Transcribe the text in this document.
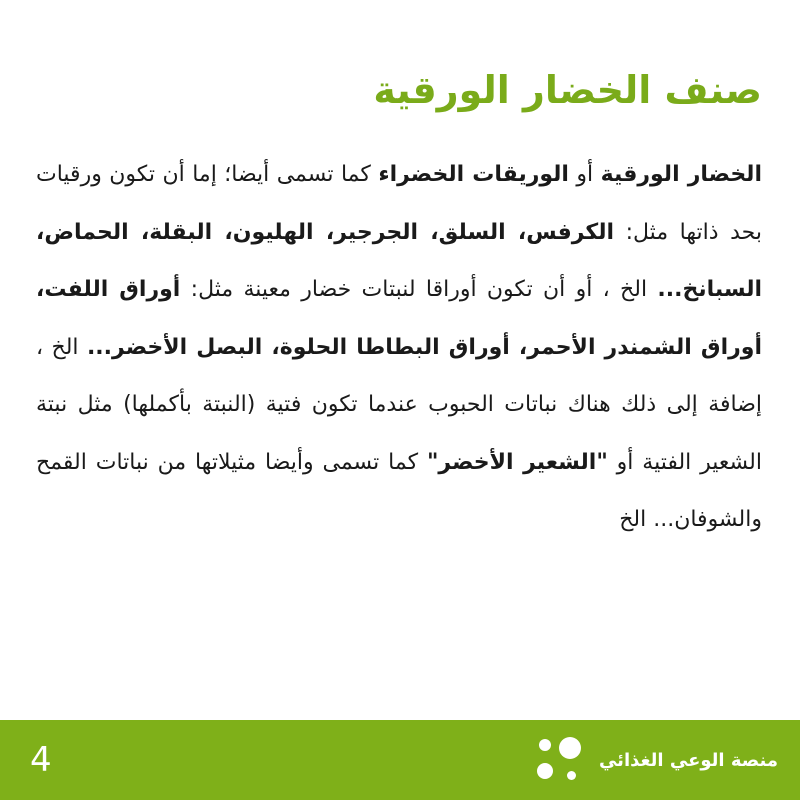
صنف الخضار الورقية

الخضار الورقية أو الوريقات الخضراء كما تسمى أيضا؛ إما أن تكون ورقيات بحد ذاتها مثل: الكرفس، السلق، الجرجير، الهليون، البقلة، الحماض، السبانخ... الخ ، أو أن تكون أوراقا لنبتات خضار معينة مثل: أوراق اللفت، أوراق الشمندر الأحمر، أوراق البطاطا الحلوة، البصل الأخضر... الخ ، إضافة إلى ذلك هناك نباتات الحبوب عندما تكون فتية (النبتة بأكملها) مثل نبتة الشعير الفتية أو "الشعير الأخضر" كما تسمى وأيضا مثيلاتها من نباتات القمح والشوفان... الخ

4	منصة الوعي الغذائي
